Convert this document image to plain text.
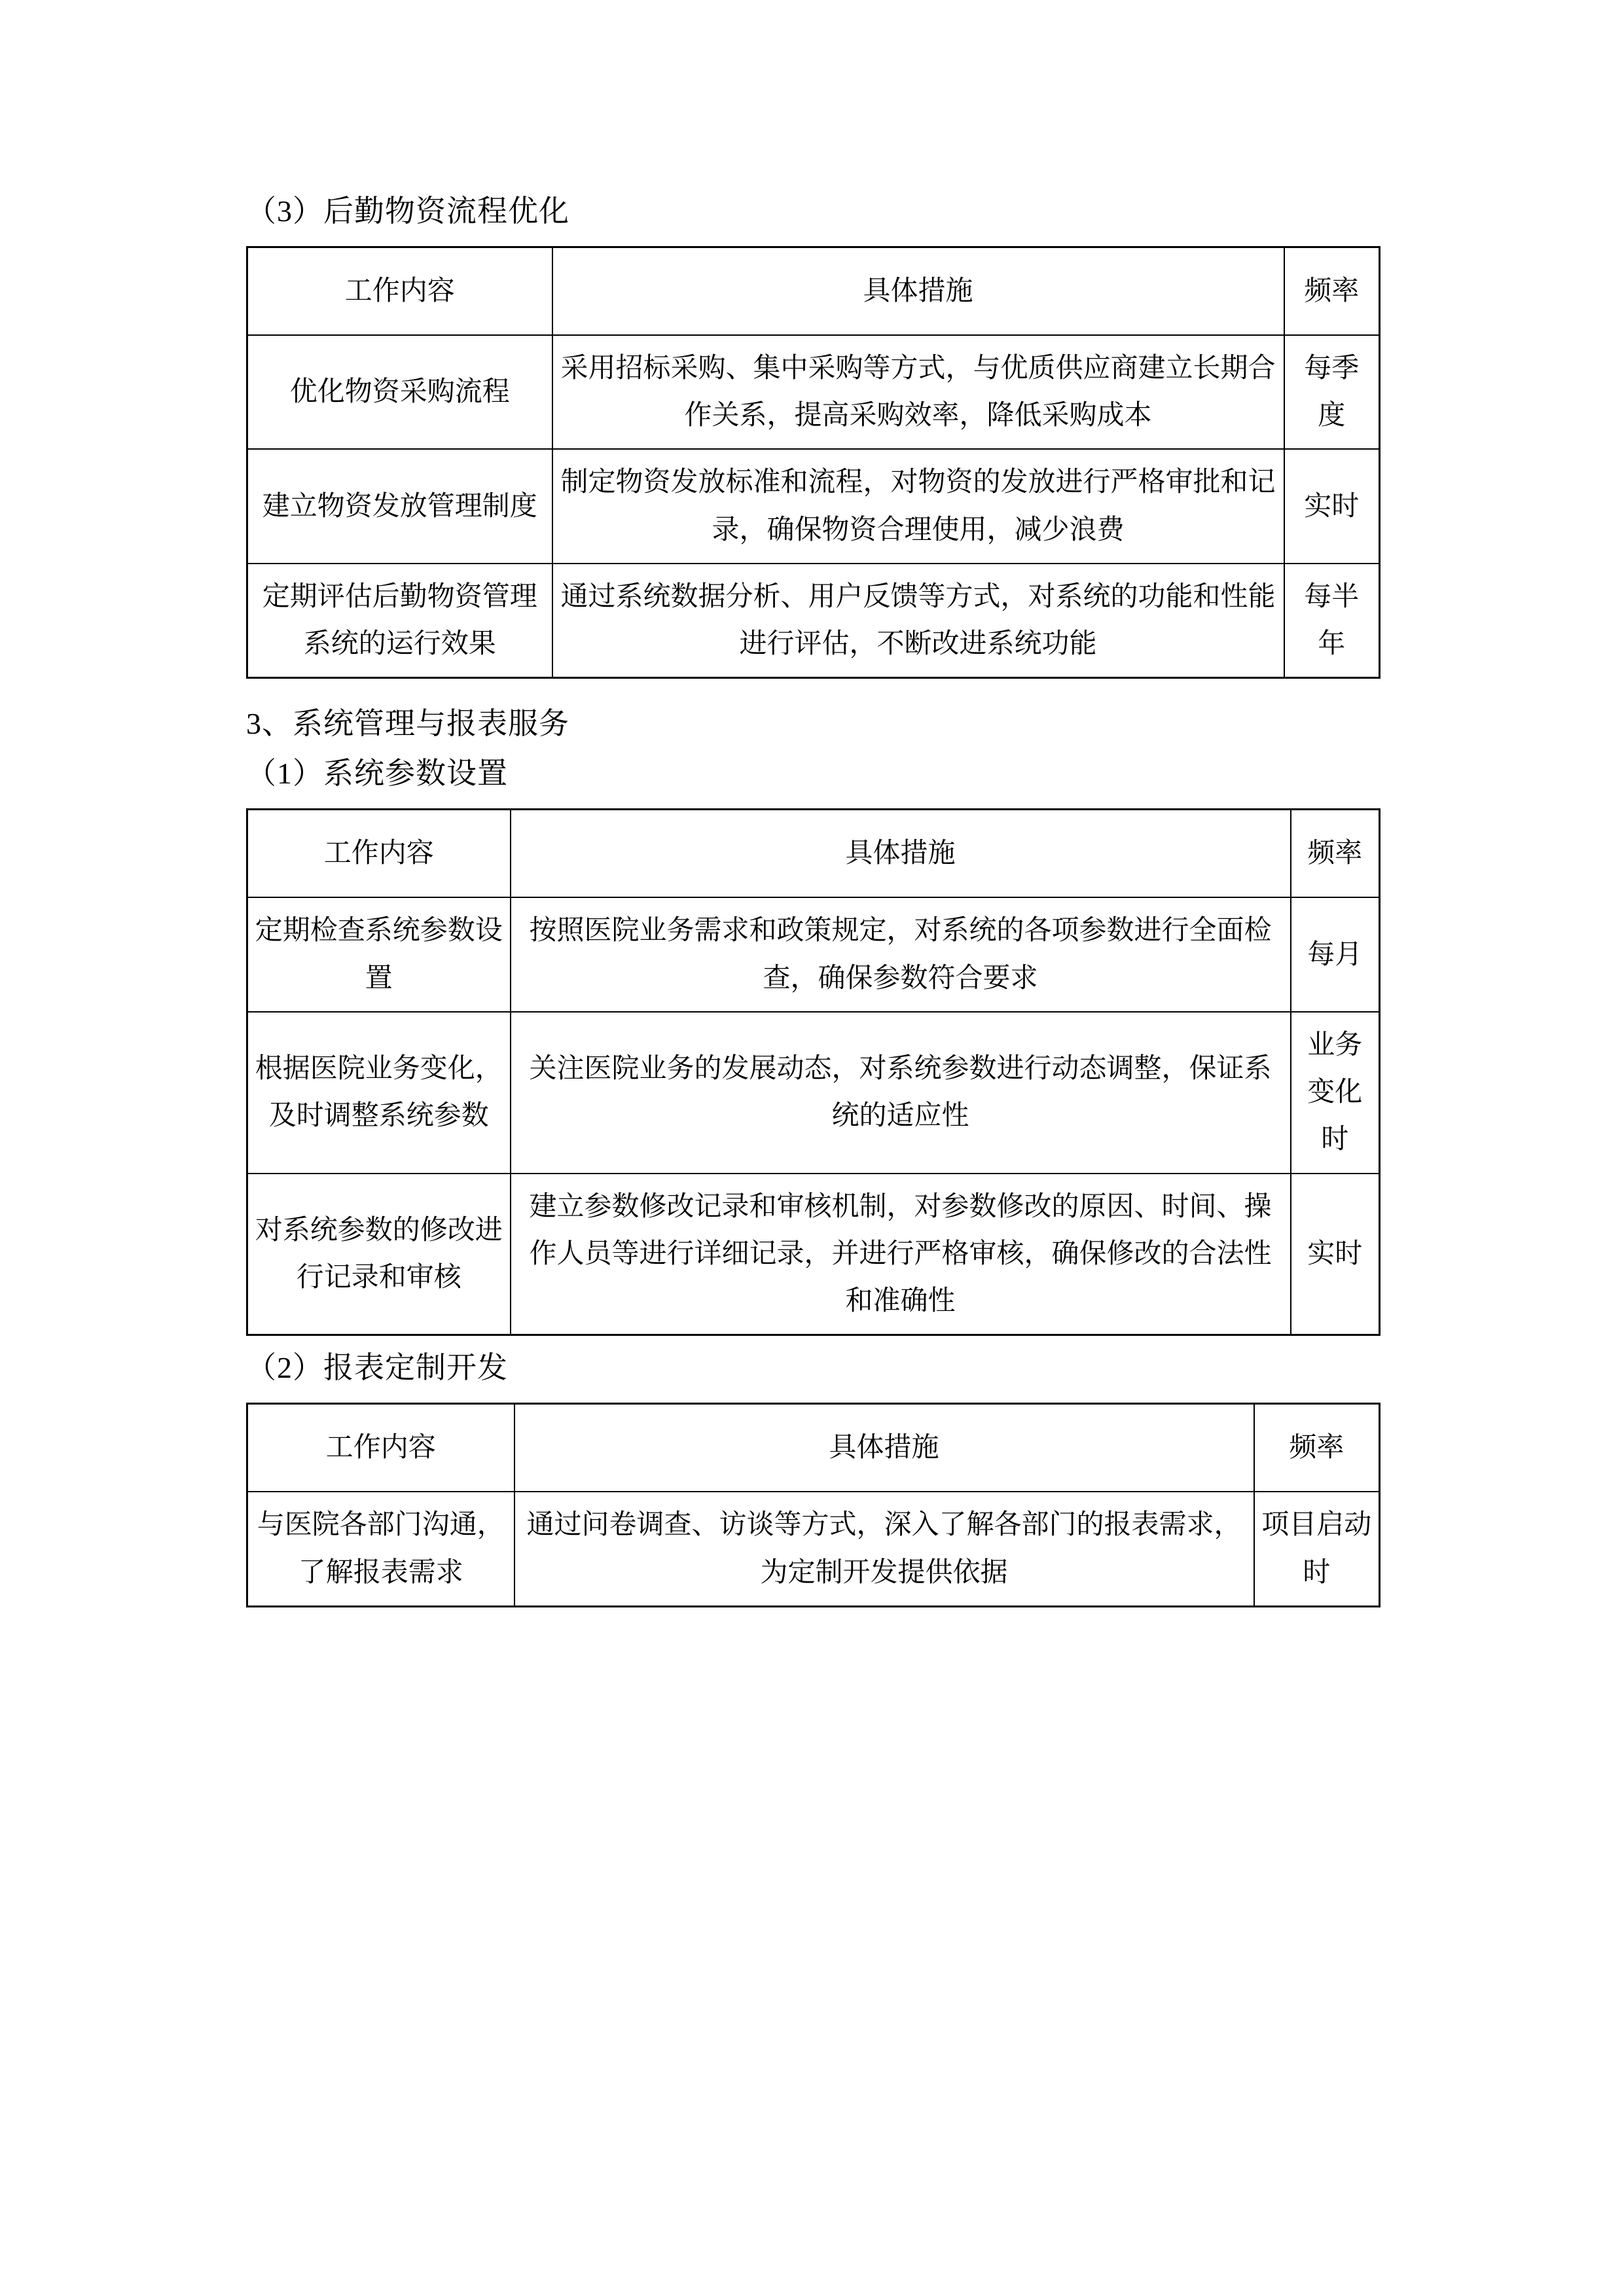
（3）后勤物资流程优化

工作内容	具体措施	频率
优化物资采购流程	采用招标采购、集中采购等方式，与优质供应商建立长期合作关系，提高采购效率，降低采购成本	每季度
建立物资发放管理制度	制定物资发放标准和流程，对物资的发放进行严格审批和记录，确保物资合理使用，减少浪费	实时
定期评估后勤物资管理系统的运行效果	通过系统数据分析、用户反馈等方式，对系统的功能和性能进行评估，不断改进系统功能	每半年

3、系统管理与报表服务

（1）系统参数设置

工作内容	具体措施	频率
定期检查系统参数设置	按照医院业务需求和政策规定，对系统的各项参数进行全面检查，确保参数符合要求	每月
根据医院业务变化，及时调整系统参数	关注医院业务的发展动态，对系统参数进行动态调整，保证系统的适应性	业务变化时
对系统参数的修改进行记录和审核	建立参数修改记录和审核机制，对参数修改的原因、时间、操作人员等进行详细记录，并进行严格审核，确保修改的合法性和准确性	实时

（2）报表定制开发

工作内容	具体措施	频率
与医院各部门沟通，了解报表需求	通过问卷调查、访谈等方式，深入了解各部门的报表需求，为定制开发提供依据	项目启动时
